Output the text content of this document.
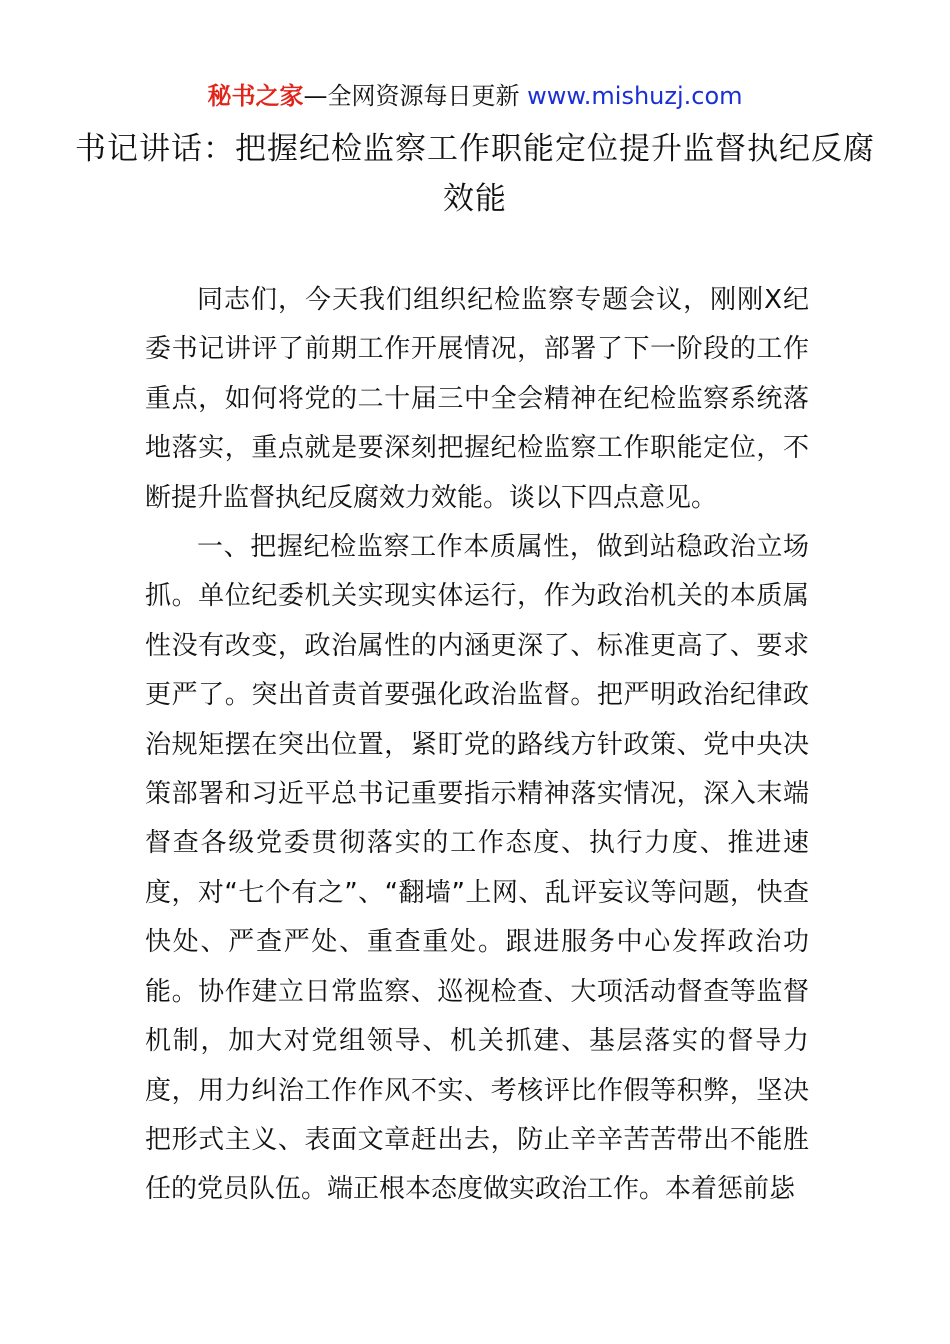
秘书之家—全网资源每日更新 www.mishuzj.com
书记讲话：把握纪检监察工作职能定位提升监督执纪反腐效能

同志们，今天我们组织纪检监察专题会议，刚刚X纪委书记讲评了前期工作开展情况，部署了下一阶段的工作重点，如何将党的二十届三中全会精神在纪检监察系统落地落实，重点就是要深刻把握纪检监察工作职能定位，不断提升监督执纪反腐效力效能。谈以下四点意见。

一、把握纪检监察工作本质属性，做到站稳政治立场抓。单位纪委机关实现实体运行，作为政治机关的本质属性没有改变，政治属性的内涵更深了、标准更高了、要求更严了。突出首责首要强化政治监督。把严明政治纪律政治规矩摆在突出位置，紧盯党的路线方针政策、党中央决策部署和习近平总书记重要指示精神落实情况，深入末端督查各级党委贯彻落实的工作态度、执行力度、推进速度，对“七个有之”、“翻墙”上网、乱评妄议等问题，快查快处、严查严处、重查重处。跟进服务中心发挥政治功能。协作建立日常监察、巡视检查、大项活动督查等监督机制，加大对党组领导、机关抓建、基层落实的督导力度，用力纠治工作作风不实、考核评比作假等积弊，坚决把形式主义、表面文章赶出去，防止辛辛苦苦带出不能胜任的党员队伍。端正根本态度做实政治工作。本着惩前毖
